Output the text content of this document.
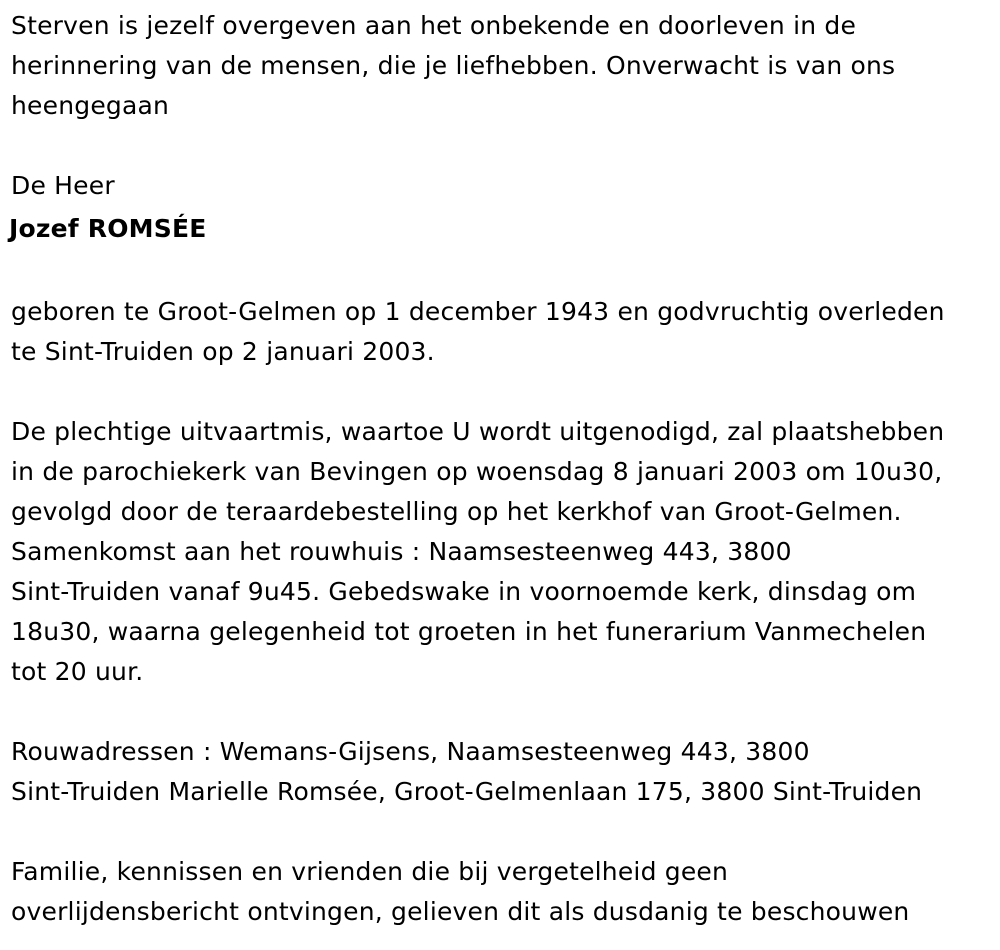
Sterven is jezelf overgeven aan het onbekende en doorleven in de
herinnering van de mensen, die je liefhebben. Onverwacht is van ons
heengegaan

De Heer
Jozef ROMSÉE

geboren te Groot-Gelmen op 1 december 1943 en godvruchtig overleden
te Sint-Truiden op 2 januari 2003.

De plechtige uitvaartmis, waartoe U wordt uitgenodigd, zal plaatshebben
in de parochiekerk van Bevingen op woensdag 8 januari 2003 om 10u30,
gevolgd door de teraardebestelling op het kerkhof van Groot-Gelmen.
Samenkomst aan het rouwhuis : Naamsesteenweg 443, 3800
Sint-Truiden vanaf 9u45. Gebedswake in voornoemde kerk, dinsdag om
18u30, waarna gelegenheid tot groeten in het funerarium Vanmechelen
tot 20 uur.

Rouwadressen : Wemans-Gijsens, Naamsesteenweg 443, 3800
Sint-Truiden Marielle Romsée, Groot-Gelmenlaan 175, 3800 Sint-Truiden

Familie, kennissen en vrienden die bij vergetelheid geen
overlijdensbericht ontvingen, gelieven dit als dusdanig te beschouwen
